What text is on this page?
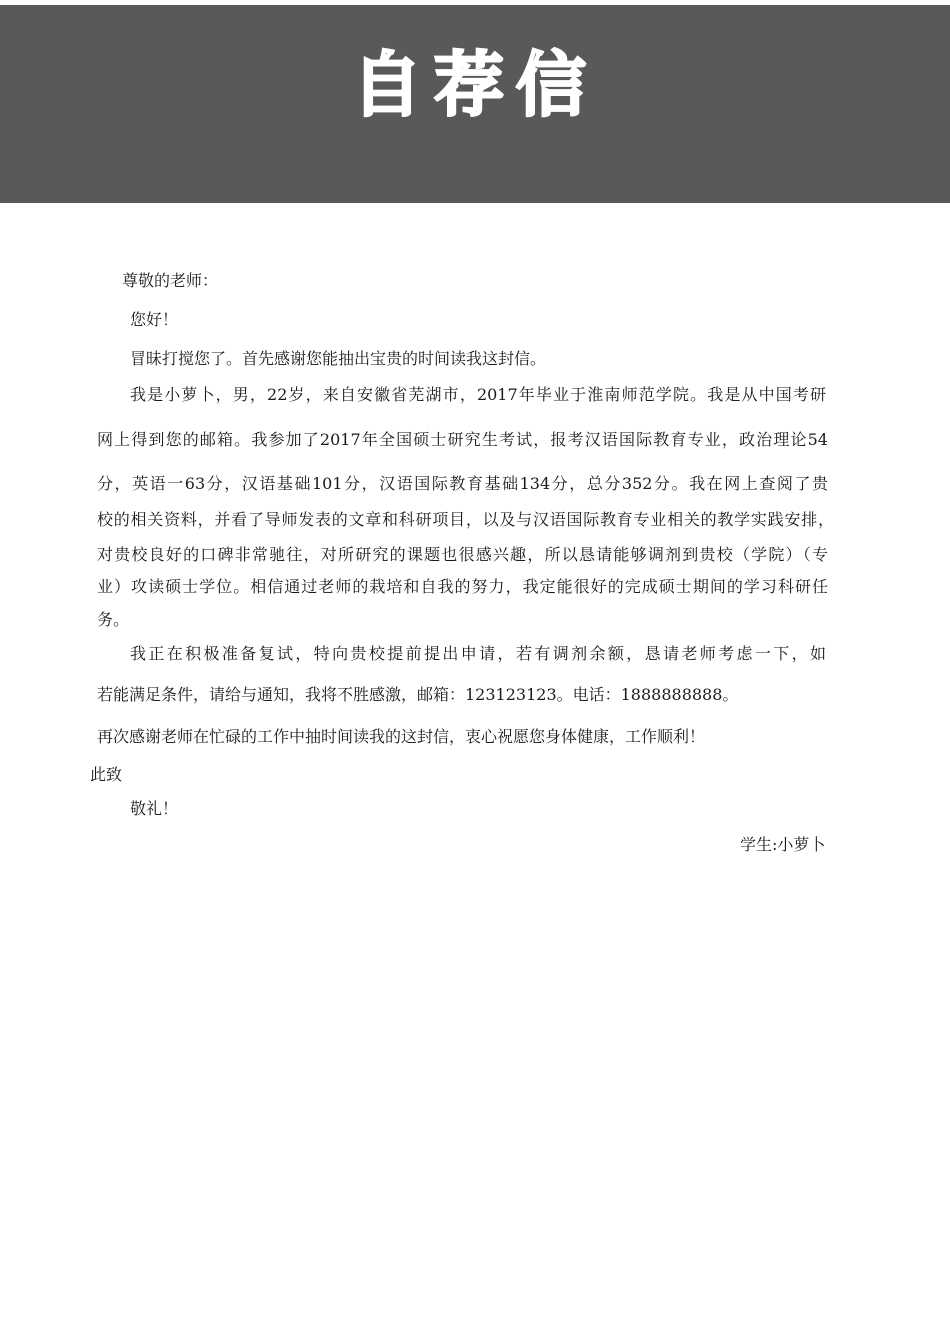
自荐信
尊敬的老师：
您好！
冒昧打搅您了。首先感谢您能抽出宝贵的时间读我这封信。
我是小萝卜，男，22岁，来自安徽省芜湖市，2017年毕业于淮南师范学院。我是从中国考研
网上得到您的邮箱。我参加了2017年全国硕士研究生考试，报考汉语国际教育专业，政治理论54
分，英语一63分，汉语基础101分，汉语国际教育基础134分，总分352分。我在网上查阅了贵
校的相关资料，并看了导师发表的文章和科研项目，以及与汉语国际教育专业相关的教学实践安排，
对贵校良好的口碑非常驰往，对所研究的课题也很感兴趣，所以恳请能够调剂到贵校（学院）（专
业）攻读硕士学位。相信通过老师的栽培和自我的努力，我定能很好的完成硕士期间的学习科研任
务。
我正在积极准备复试，特向贵校提前提出申请，若有调剂余额，恳请老师考虑一下，如
若能满足条件，请给与通知，我将不胜感激，邮箱：123123123。电话：1888888888。
再次感谢老师在忙碌的工作中抽时间读我的这封信，衷心祝愿您身体健康，工作顺利！
此致
敬礼！
学生:小萝卜
